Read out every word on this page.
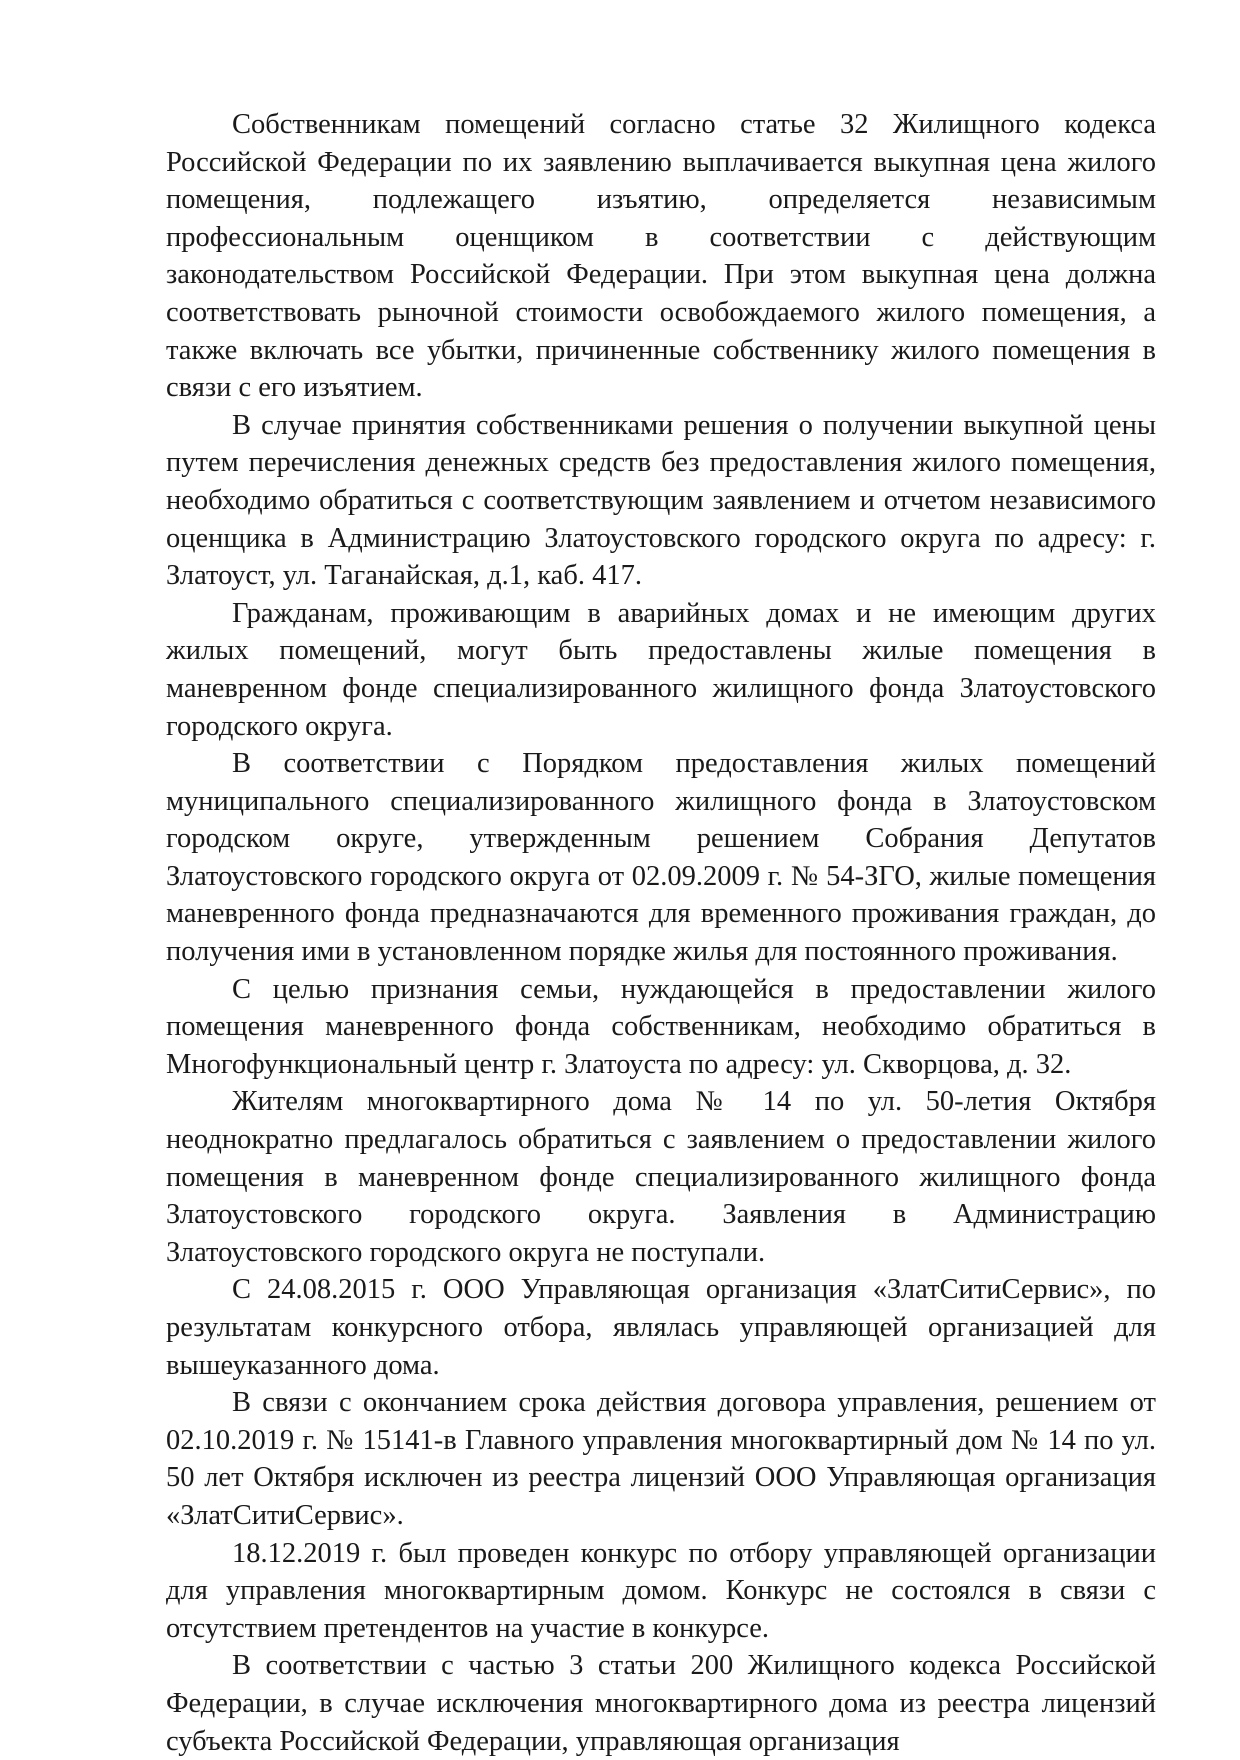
Собственникам помещений согласно статье 32 Жилищного кодекса Российской Федерации по их заявлению выплачивается выкупная цена жилого помещения, подлежащего изъятию, определяется независимым профессиональным оценщиком в соответствии с действующим законодательством Российской Федерации. При этом выкупная цена должна соответствовать рыночной стоимости освобождаемого жилого помещения, а также включать все убытки, причиненные собственнику жилого помещения в связи с его изъятием.

В случае принятия собственниками решения о получении выкупной цены путем перечисления денежных средств без предоставления жилого помещения, необходимо обратиться с соответствующим заявлением и отчетом независимого оценщика в Администрацию Златоустовского городского округа по адресу: г. Златоуст, ул. Таганайская, д.1, каб. 417.

Гражданам, проживающим в аварийных домах и не имеющим других жилых помещений, могут быть предоставлены жилые помещения в маневренном фонде специализированного жилищного фонда Златоустовского городского округа.

В соответствии с Порядком предоставления жилых помещений муниципального специализированного жилищного фонда в Златоустовском городском округе, утвержденным решением Собрания Депутатов Златоустовского городского округа от 02.09.2009 г. № 54-ЗГО, жилые помещения маневренного фонда предназначаются для временного проживания граждан, до получения ими в установленном порядке жилья для постоянного проживания.

С целью признания семьи, нуждающейся в предоставлении жилого помещения маневренного фонда собственникам, необходимо обратиться в Многофункциональный центр г. Златоуста по адресу: ул. Скворцова, д. 32.

Жителям многоквартирного дома № 14 по ул. 50-летия Октября неоднократно предлагалось обратиться с заявлением о предоставлении жилого помещения в маневренном фонде специализированного жилищного фонда Златоустовского городского округа. Заявления в Администрацию Златоустовского городского округа не поступали.

С 24.08.2015 г. ООО Управляющая организация «ЗлатСитиСервис», по результатам конкурсного отбора, являлась управляющей организацией для вышеуказанного дома.

В связи с окончанием срока действия договора управления, решением от 02.10.2019 г. № 15141-в Главного управления многоквартирный дом № 14 по ул. 50 лет Октября исключен из реестра лицензий ООО Управляющая организация «ЗлатСитиСервис».

18.12.2019 г. был проведен конкурс по отбору управляющей организации для управления многоквартирным домом. Конкурс не состоялся в связи с отсутствием претендентов на участие в конкурсе.

В соответствии с частью 3 статьи 200 Жилищного кодекса Российской Федерации, в случае исключения многоквартирного дома из реестра лицензий субъекта Российской Федерации, управляющая организация
